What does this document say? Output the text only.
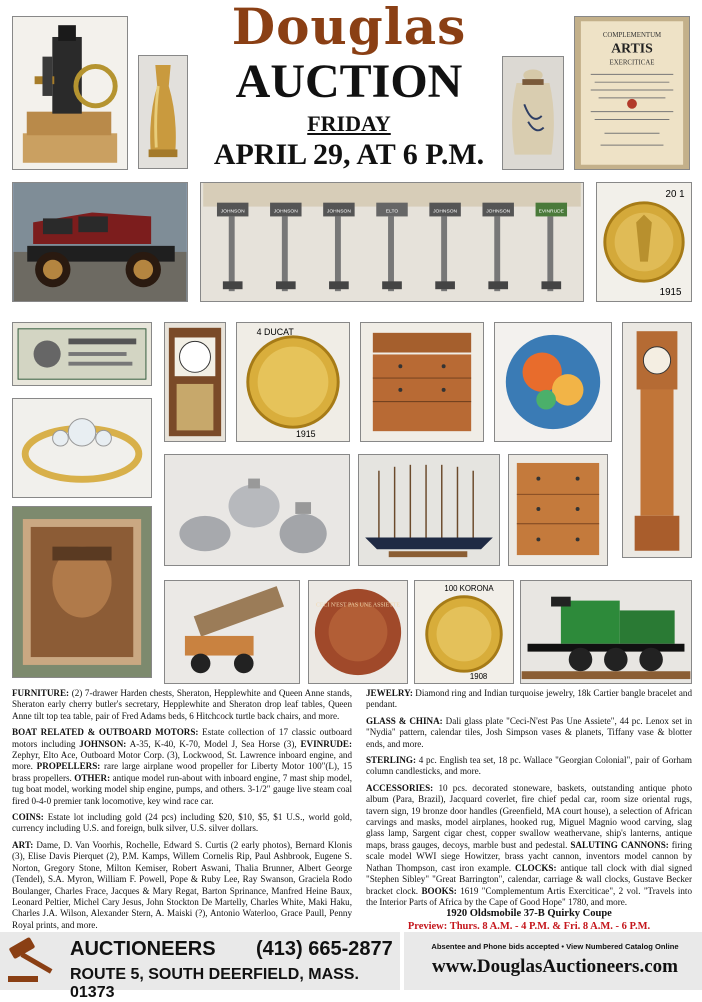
Douglas
AUCTION
FRIDAY
APRIL 29, AT 6 P.M.
COMPLEMENTUM
ARTIS
EXERCITICAE
JOHNSON	JOHNSON	JOHNSON	ELTO	JOHNSON	JOHNSON	EVINRUDE
20 1
1915
4 DUCAT
1915
CECI N'EST PAS UNE ASSIETTE
100 KORONA
1908

FURNITURE: (2) 7-drawer Harden chests, Sheraton, Hepplewhite and Queen Anne stands, Sheraton early cherry butler's secretary, Hepplewhite and Sheraton drop leaf tables, Queen Anne tilt top tea table, pair of Fred Adams beds, 6 Hitchcock turtle back chairs, and more.

BOAT RELATED & OUTBOARD MOTORS: Estate collection of 17 classic outboard motors including JOHNSON: A-35, K-40, K-70, Model J, Sea Horse (3), EVINRUDE: Zephyr, Elto Ace, Outboard Motor Corp. (3), Lockwood, St. Lawrence inboard engine, and more. PROPELLERS: rare large airplane wood propeller for Liberty Motor 100"(L), 15 brass propellers. OTHER: antique model run-about with inboard engine, 7 mast ship model, tug boat model, working model ship engine, pumps, and others. 3-1/2" gauge live steam coal fired 0-4-0 premier tank locomotive, key wind race car.

COINS: Estate lot including gold (24 pcs) including $20, $10, $5, $1 U.S., world gold, currency including U.S. and foreign, bulk silver, U.S. silver dollars.

ART: Dame, D. Van Voorhis, Rochelle, Edward S. Curtis (2 early photos), Bernard Klonis (3), Elise Davis Pierquet (2), P.M. Kamps, Willem Cornelis Rip, Paul Ashbrook, Eugene S. Norton, Gregory Stone, Milton Kemiser, Robert Aswani, Thalia Brunner, Albert George (Tendel), S.A. Myron, William F. Powell, Pope & Ruby Lee, Ray Swanson, Graciela Rodo Boulanger, Charles Frace, Jacques & Mary Regat, Barton Sprinance, Manfred Heine Baux, Leonard Peltier, Michel Cary Jesus, John Stockton De Martelly, Charles White, Maki Haku, Charles J.A. Wilson, Alexander Stern, A. Maiski (?), Antonio Waterloo, Grace Paull, Penny Royal prints, and more.

JEWELRY: Diamond ring and Indian turquoise jewelry, 18k Cartier bangle bracelet and pendant.

GLASS & CHINA: Dali glass plate "Ceci-N'est Pas Une Assiete", 44 pc. Lenox set in "Nydia" pattern, calendar tiles, Josh Simpson vases & planets, Tiffany vase & blotter ends, and more.

STERLING: 4 pc. English tea set, 18 pc. Wallace "Georgian Colonial", pair of Gorham column candlesticks, and more.

ACCESSORIES: 10 pcs. decorated stoneware, baskets, outstanding antique photo album (Para, Brazil), Jacquard coverlet, fire chief pedal car, room size oriental rugs, tavern sign, 19 bronze door handles (Greenfield, MA court house), a selection of African carvings and masks, model airplanes, hooked rug, Miguel Magnio wood carving, slag glass lamp, Sargent cigar chest, copper swallow weathervane, ship's lanterns, antique maps, brass gauges, decoys, marble bust and pedestal. SALUTING CANNONS: firing scale model WWI siege Howitzer, brass yacht cannon, inventors model cannon by Nathan Thompson, cast iron example. CLOCKS: antique tall clock with dial signed "Stephen Sibley" "Great Barrington", calendar, carriage & wall clocks, Gustave Becker bracket clock. BOOKS: 1619 "Complementum Artis Exerciticae", 2 vol. "Travels into the Interior Parts of Africa by the Cape of Good Hope" 1780, and more.

1920 Oldsmobile 37-B Quirky Coupe
Preview: Thurs. 8 A.M. - 4 P.M. & Fri. 8 A.M. - 6 P.M.
AUCTIONEERS (413) 665-2877
ROUTE 5, SOUTH DEERFIELD, MASS. 01373
Absentee and Phone bids accepted • View Numbered Catalog Online
www.DouglasAuctioneers.com
